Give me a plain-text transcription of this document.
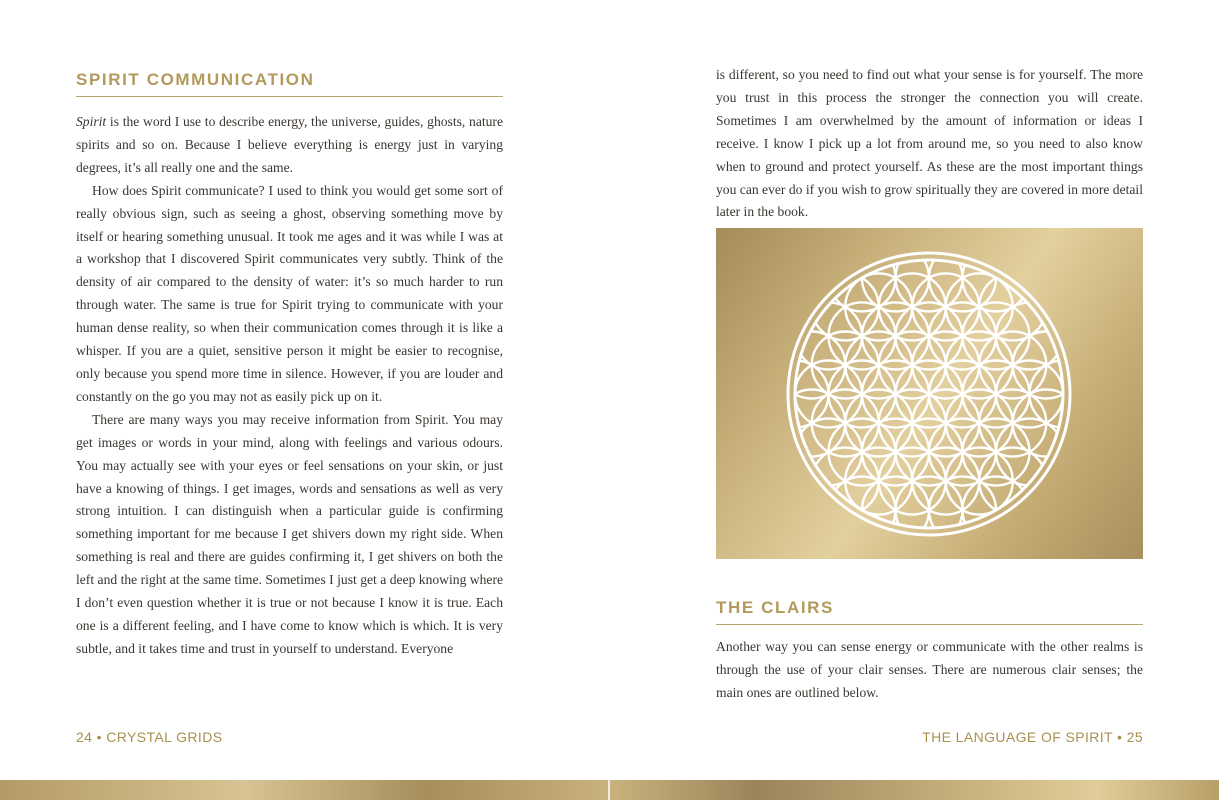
SPIRIT COMMUNICATION

Spirit is the word I use to describe energy, the universe, guides, ghosts, nature spirits and so on. Because I believe everything is energy just in varying degrees, it’s all really one and the same.

How does Spirit communicate? I used to think you would get some sort of really obvious sign, such as seeing a ghost, observing something move by itself or hearing something unusual. It took me ages and it was while I was at a workshop that I discovered Spirit communicates very subtly. Think of the density of air compared to the density of water: it’s so much harder to run through water. The same is true for Spirit trying to communicate with your human dense reality, so when their communication comes through it is like a whisper. If you are a quiet, sensitive person it might be easier to recognise, only because you spend more time in silence. However, if you are louder and constantly on the go you may not as easily pick up on it.

There are many ways you may receive information from Spirit. You may get images or words in your mind, along with feelings and various odours. You may actually see with your eyes or feel sensations on your skin, or just have a knowing of things. I get images, words and sensations as well as very strong intuition. I can distinguish when a particular guide is confirming something important for me because I get shivers down my right side. When something is real and there are guides confirming it, I get shivers on both the left and the right at the same time. Sometimes I just get a deep knowing where I don’t even question whether it is true or not because I know it is true. Each one is a different feeling, and I have come to know which is which. It is very subtle, and it takes time and trust in yourself to understand. Everyone

is different, so you need to find out what your sense is for yourself. The more you trust in this process the stronger the connection you will create. Sometimes I am overwhelmed by the amount of information or ideas I receive. I know I pick up a lot from around me, so you need to also know when to ground and protect yourself. As these are the most important things you can ever do if you wish to grow spiritually they are covered in more detail later in the book.

THE CLAIRS

Another way you can sense energy or communicate with the other realms is through the use of your clair senses. There are numerous clair senses; the main ones are outlined below.

24 • CRYSTAL GRIDS	THE LANGUAGE OF SPIRIT • 25
